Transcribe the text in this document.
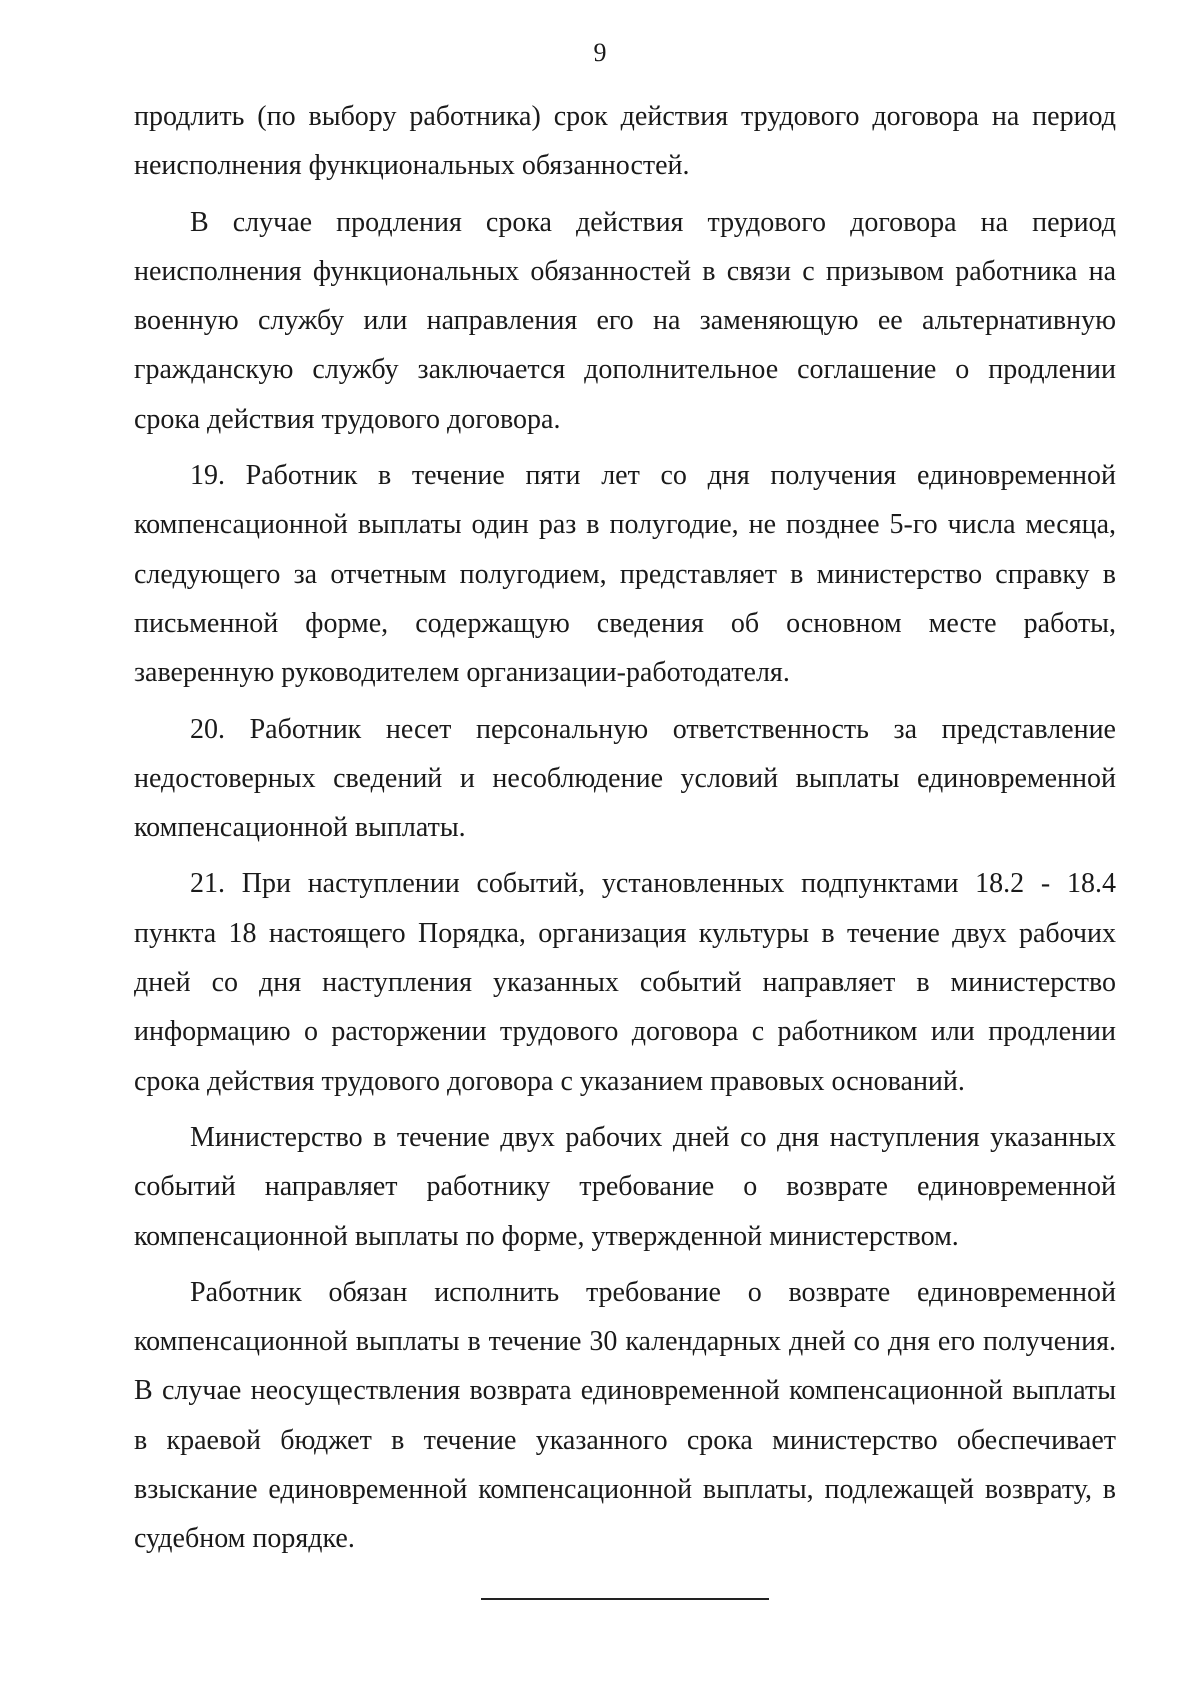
9

продлить (по выбору работника) срок действия трудового договора на период неисполнения функциональных обязанностей.

В случае продления срока действия трудового договора на период неисполнения функциональных обязанностей в связи с призывом работника на военную службу или направления его на заменяющую ее альтернативную гражданскую службу заключается дополнительное соглашение о продлении срока действия трудового договора.

19. Работник в течение пяти лет со дня получения единовременной компенсационной выплаты один раз в полугодие, не позднее 5-го числа месяца, следующего за отчетным полугодием, представляет в министерство справку в письменной форме, содержащую сведения об основном месте работы, заверенную руководителем организации-работодателя.

20. Работник несет персональную ответственность за представление недостоверных сведений и несоблюдение условий выплаты единовременной компенсационной выплаты.

21. При наступлении событий, установленных подпунктами 18.2 - 18.4 пункта 18 настоящего Порядка, организация культуры в течение двух рабочих дней со дня наступления указанных событий направляет в министерство информацию о расторжении трудового договора с работником или продлении срока действия трудового договора с указанием правовых оснований.

Министерство в течение двух рабочих дней со дня наступления указанных событий направляет работнику требование о возврате единовременной компенсационной выплаты по форме, утвержденной министерством.

Работник обязан исполнить требование о возврате единовременной компенсационной выплаты в течение 30 календарных дней со дня его получения. В случае неосуществления возврата единовременной компенсационной выплаты в краевой бюджет в течение указанного срока министерство обеспечивает взыскание единовременной компенсационной выплаты, подлежащей возврату, в судебном порядке.
